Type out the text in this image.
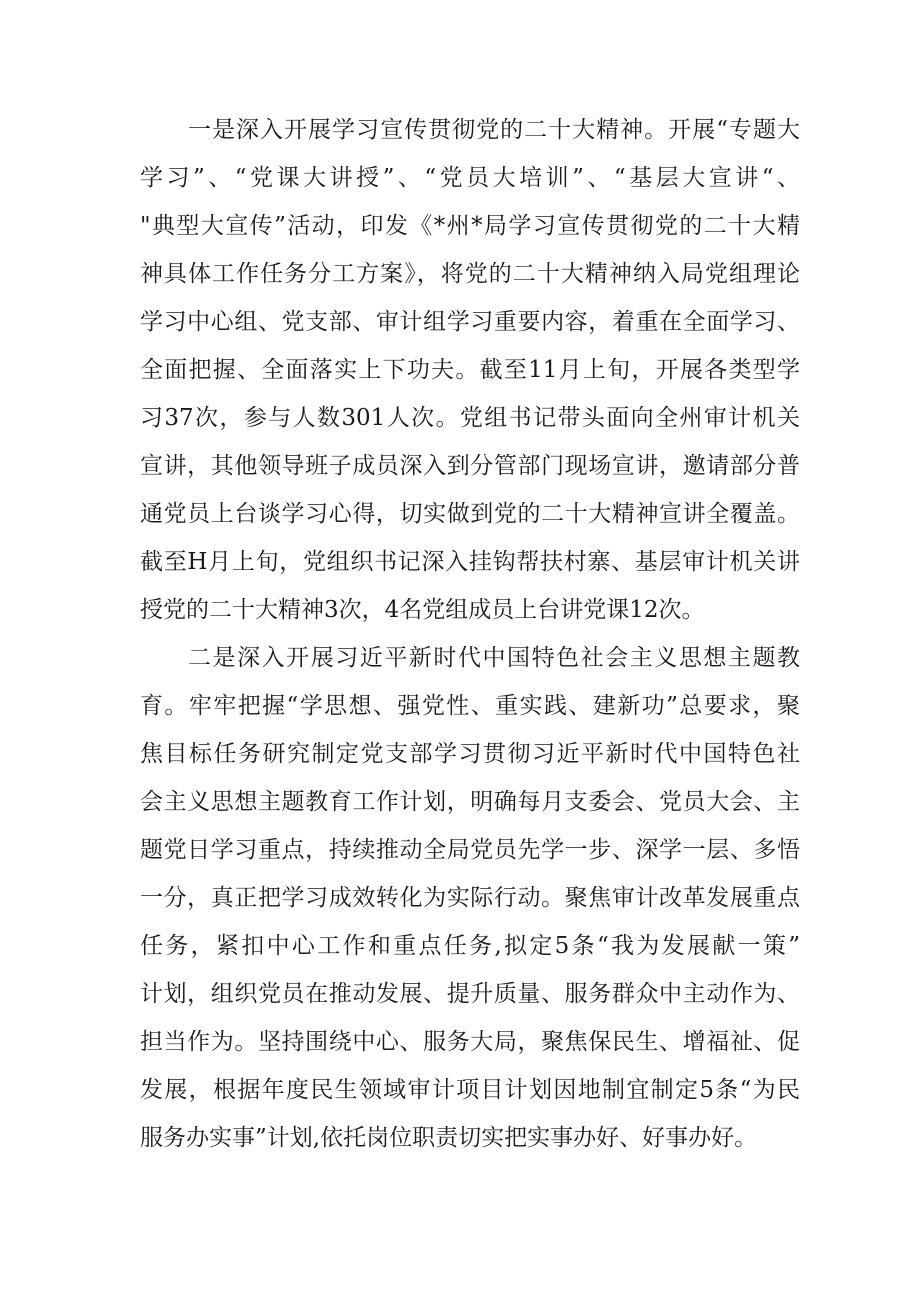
一是深入开展学习宣传贯彻党的二十大精神。开展“专题大
学习”、“党课大讲授”、“党员大培训”、“基层大宣讲“、
"典型大宣传”活动，印发《*州*局学习宣传贯彻党的二十大精
神具体工作任务分工方案》，将党的二十大精神纳入局党组理论
学习中心组、党支部、审计组学习重要内容，着重在全面学习、
全面把握、全面落实上下功夫。截至11月上旬，开展各类型学
习37次，参与人数301人次。党组书记带头面向全州审计机关
宣讲，其他领导班子成员深入到分管部门现场宣讲，邀请部分普
通党员上台谈学习心得，切实做到党的二十大精神宣讲全覆盖。
截至H月上旬，党组织书记深入挂钩帮扶村寨、基层审计机关讲
授党的二十大精神3次，4名党组成员上台讲党课12次。
二是深入开展习近平新时代中国特色社会主义思想主题教
育。牢牢把握“学思想、强党性、重实践、建新功”总要求，聚
焦目标任务研究制定党支部学习贯彻习近平新时代中国特色社
会主义思想主题教育工作计划，明确每月支委会、党员大会、主
题党日学习重点，持续推动全局党员先学一步、深学一层、多悟
一分，真正把学习成效转化为实际行动。聚焦审计改革发展重点
任务，紧扣中心工作和重点任务,拟定5条“我为发展献一策”
计划，组织党员在推动发展、提升质量、服务群众中主动作为、
担当作为。坚持围绕中心、服务大局，聚焦保民生、增福祉、促
发展，根据年度民生领域审计项目计划因地制宜制定5条“为民
服务办实事”计划,依托岗位职责切实把实事办好、好事办好。
